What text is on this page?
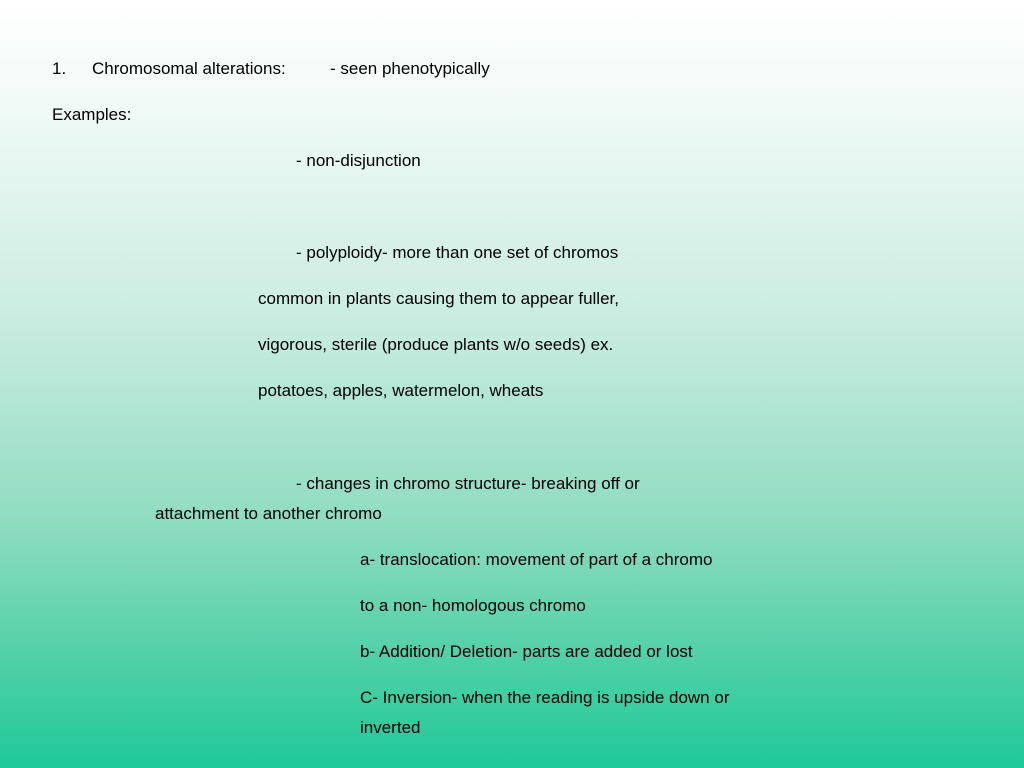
1. Chromosomal alterations:	- seen phenotypically
Examples:
- non-disjunction
- polyploidy- more than one set of chromos
common in plants causing them to appear fuller,
vigorous, sterile (produce plants w/o seeds) ex.
potatoes, apples, watermelon, wheats
- changes in chromo structure- breaking off or
attachment to another chromo
a- translocation: movement of part of a chromo
to a non- homologous chromo
b- Addition/ Deletion- parts are added or lost
C- Inversion- when the reading is upside down or
inverted
